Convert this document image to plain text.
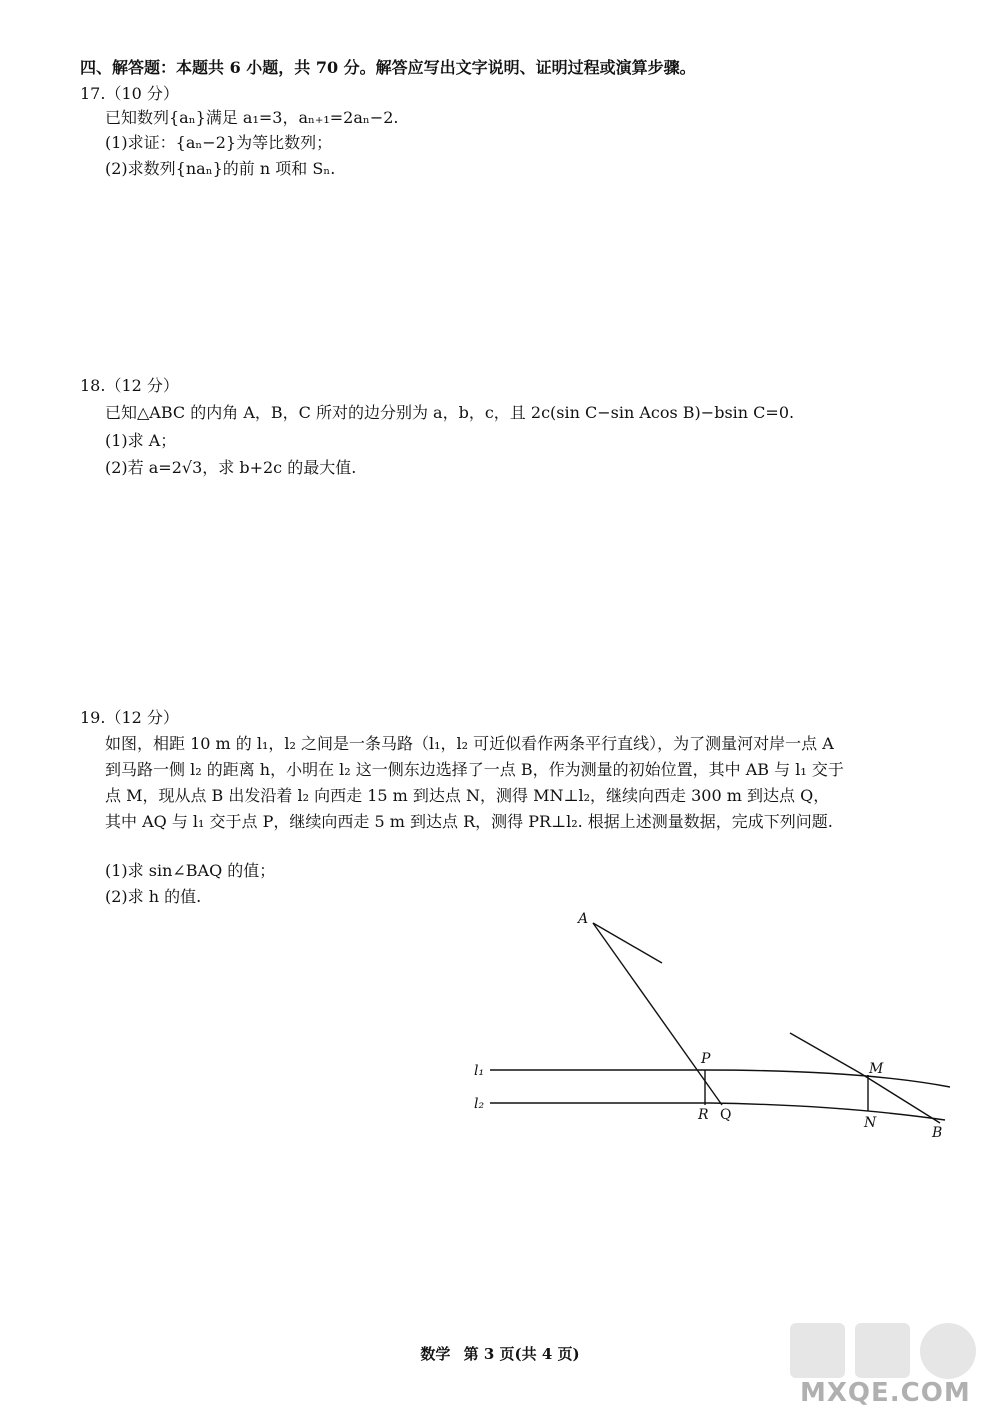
四、解答题：本题共 6 小题，共 70 分。解答应写出文字说明、证明过程或演算步骤。
17.（10 分）
已知数列{aₙ}满足 a₁=3，aₙ₊₁=2aₙ−2.
(1)求证：{aₙ−2}为等比数列；
(2)求数列{naₙ}的前 n 项和 Sₙ.
18.（12 分）
已知△ABC 的内角 A，B，C 所对的边分别为 a，b，c，且 2c(sin C−sin Acos B)−bsin C=0.
(1)求 A；
(2)若 a=2√3，求 b+2c 的最大值.
19.（12 分）
如图，相距 10 m 的 l₁，l₂ 之间是一条马路（l₁，l₂ 可近似看作两条平行直线），为了测量河对岸一点 A 到马路一侧 l₂ 的距离 h，小明在 l₂ 这一侧东边选择了一点 B，作为测量的初始位置，其中 AB 与 l₁ 交于点 M，现从点 B 出发沿着 l₂ 向西走 15 m 到达点 N，测得 MN⊥l₂，继续向西走 300 m 到达点 Q，其中 AQ 与 l₁ 交于点 P，继续向西走 5 m 到达点 R，测得 PR⊥l₂. 根据上述测量数据，完成下列问题.
(1)求 sin∠BAQ 的值；
(2)求 h 的值.
A
P
M
R Q	N
B
l₁
l₂
数学 第 3 页(共 4 页)
MXQE.COM
